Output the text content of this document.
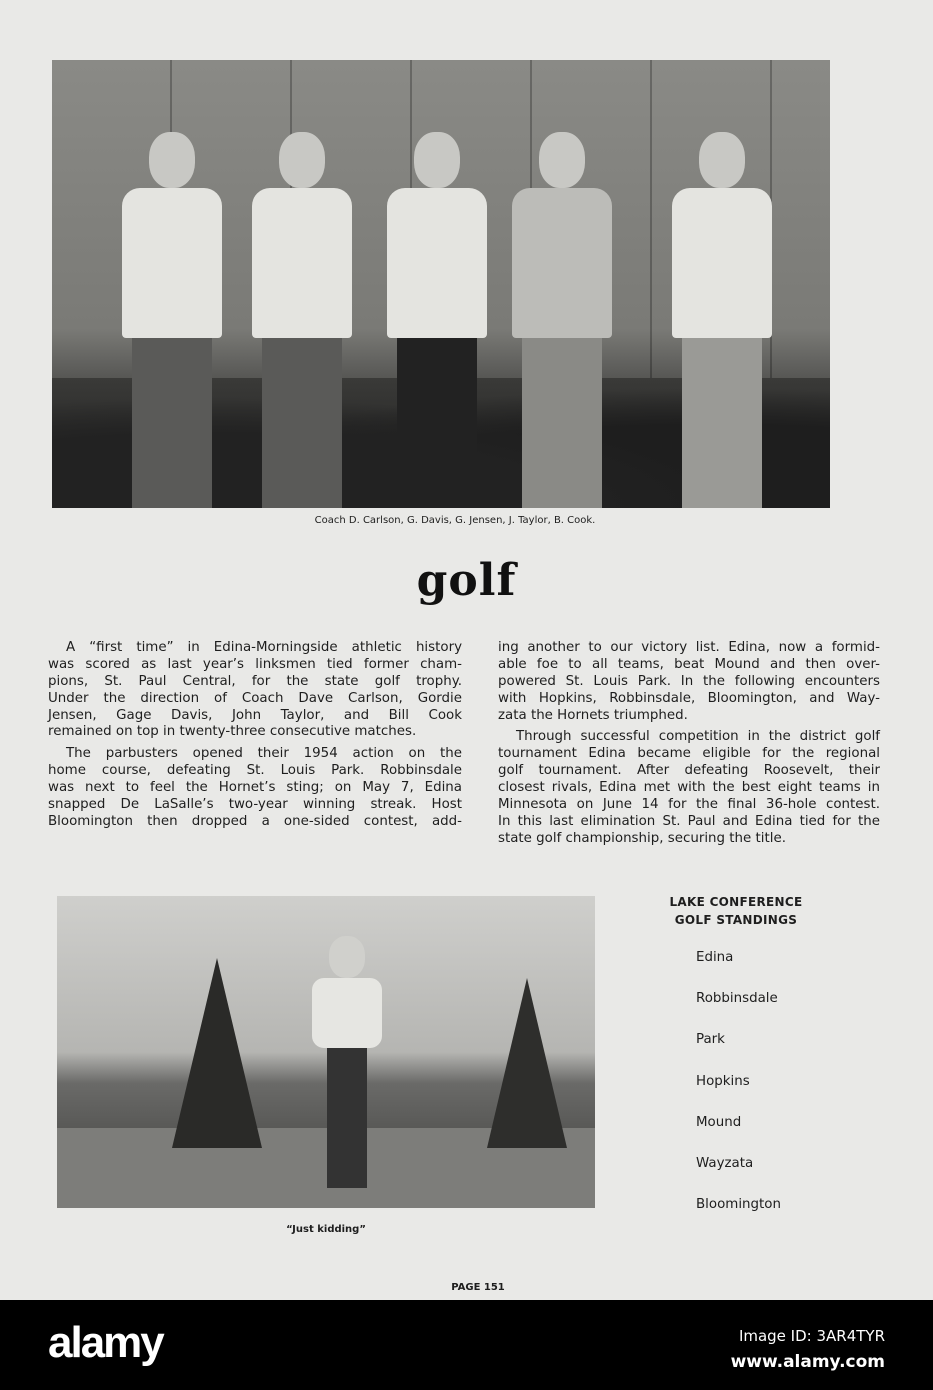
Coach D. Carlson, G. Davis, G. Jensen, J. Taylor, B. Cook.
golf
A “first time” in Edina-Morningside athletic history
was scored as last year’s linksmen tied former cham-
pions, St. Paul Central, for the state golf trophy.
Under the direction of Coach Dave Carlson, Gordie
Jensen, Gage Davis, John Taylor, and Bill Cook
remained on top in twenty-three consecutive matches.
The parbusters opened their 1954 action on the
home course, defeating St. Louis Park. Robbinsdale
was next to feel the Hornet’s sting; on May 7, Edina
snapped De LaSalle’s two-year winning streak. Host
Bloomington then dropped a one-sided contest, add-
ing another to our victory list. Edina, now a formid-
able foe to all teams, beat Mound and then over-
powered St. Louis Park. In the following encounters
with Hopkins, Robbinsdale, Bloomington, and Way-
zata the Hornets triumphed.
Through successful competition in the district golf
tournament Edina became eligible for the regional
golf tournament. After defeating Roosevelt, their
closest rivals, Edina met with the best eight teams in
Minnesota on June 14 for the final 36-hole contest.
In this last elimination St. Paul and Edina tied for the
state golf championship, securing the title.
“Just kidding”
LAKE CONFERENCE
GOLF STANDINGS
Edina
Robbinsdale
Park
Hopkins
Mound
Wayzata
Bloomington
PAGE 151
alamy	Image ID: 3AR4TYR
www.alamy.com
